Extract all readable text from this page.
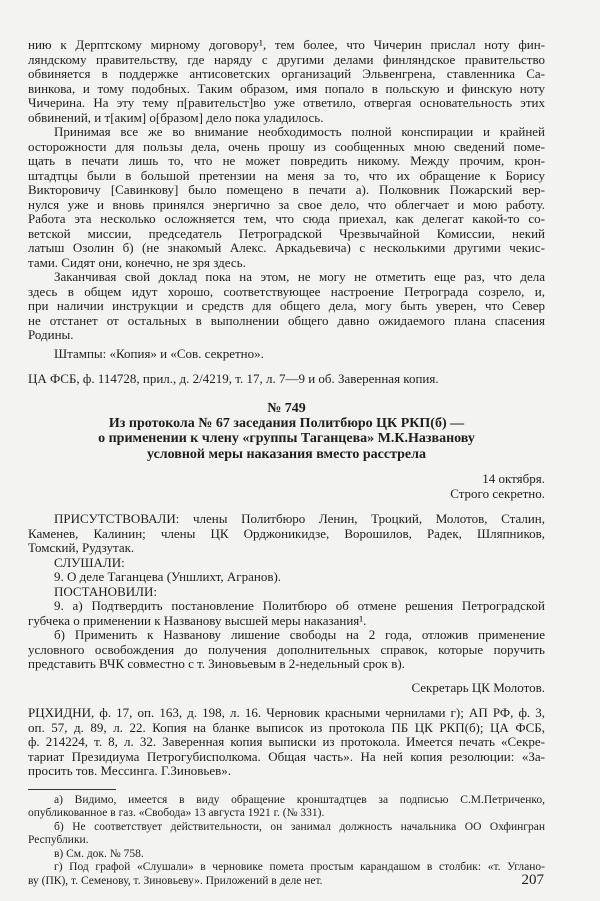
нию к Дерптскому мирному договору¹, тем более, что Чичерин прислал ноту фин-
ляндскому правительству, где наряду с другими делами финляндское правительство
обвиняется в поддержке антисоветских организаций Эльвенгрена, ставленника Са-
винкова, и тому подобных. Таким образом, имя попало в польскую и финскую ноту
Чичерина. На эту тему п[равительст]во уже ответило, отвергая основательность этих
обвинений, и т[аким] о[бразом] дело пока уладилось.
Принимая все же во внимание необходимость полной конспирации и крайней
осторожности для пользы дела, очень прошу из сообщенных мною сведений поме-
щать в печати лишь то, что не может повредить никому. Между прочим, крон-
штадтцы были в большой претензии на меня за то, что их обращение к Борису
Викторовичу [Савинкову] было помещено в печати а). Полковник Пожарский вер-
нулся уже и вновь принялся энергично за свое дело, что облегчает и мою работу.
Работа эта несколько осложняется тем, что сюда приехал, как делегат какой-то со-
ветской миссии, председатель Петроградской Чрезвычайной Комиссии, некий
латыш Озолин б) (не знакомый Алекс. Аркадьевича) с несколькими другими чекис-
тами. Сидят они, конечно, не зря здесь.
Заканчивая свой доклад пока на этом, не могу не отметить еще раз, что дела
здесь в общем идут хорошо, соответствующее настроение Петрограда созрело, и,
при наличии инструкции и средств для общего дела, могу быть уверен, что Север
не отстанет от остальных в выполнении общего давно ожидаемого плана спасения
Родины.
Штампы: «Копия» и «Сов. секретно».
ЦА ФСБ, ф. 114728, прил., д. 2/4219, т. 17, л. 7—9 и об. Заверенная копия.
№ 749
Из протокола № 67 заседания Политбюро ЦК РКП(б) —
о применении к члену «группы Таганцева» М.К.Названову
условной меры наказания вместо расстрела
14 октября.
Строго секретно.
ПРИСУТСТВОВАЛИ: члены Политбюро Ленин, Троцкий, Молотов, Сталин,
Каменев, Калинин; члены ЦК Орджоникидзе, Ворошилов, Радек, Шляпников,
Томский, Рудзутак.
СЛУШАЛИ:
9. О деле Таганцева (Уншлихт, Агранов).
ПОСТАНОВИЛИ:
9. а) Подтвердить постановление Политбюро об отмене решения Петроградской
губчека о применении к Названову высшей меры наказания¹.
б) Применить к Названову лишение свободы на 2 года, отложив применение
условного освобождения до получения дополнительных справок, которые поручить
представить ВЧК совместно с т. Зиновьевым в 2-недельный срок в).
Секретарь ЦК Молотов.
РЦХИДНИ, ф. 17, оп. 163, д. 198, л. 16. Черновик красными чернилами г); АП РФ, ф. 3,
оп. 57, д. 89, л. 22. Копия на бланке выписок из протокола ПБ ЦК РКП(б); ЦА ФСБ,
ф. 214224, т. 8, л. 32. Заверенная копия выписки из протокола. Имеется печать «Секре-
тариат Президиума Петрогубисполкома. Общая часть». На ней копия резолюции: «За-
просить тов. Мессинга. Г.Зиновьев».
а) Видимо, имеется в виду обращение кронштадтцев за подписью С.М.Петриченко,
опубликованное в газ. «Свобода» 13 августа 1921 г. (№ 331).
б) Не соответствует действительности, он занимал должность начальника ОО Охфингран
Республики.
в) См. док. № 758.
г) Под графой «Слушали» в черновике помета простым карандашом в столбик: «т. Углано-
ву (ПК), т. Семенову, т. Зиновьеву». Приложений в деле нет.	207
